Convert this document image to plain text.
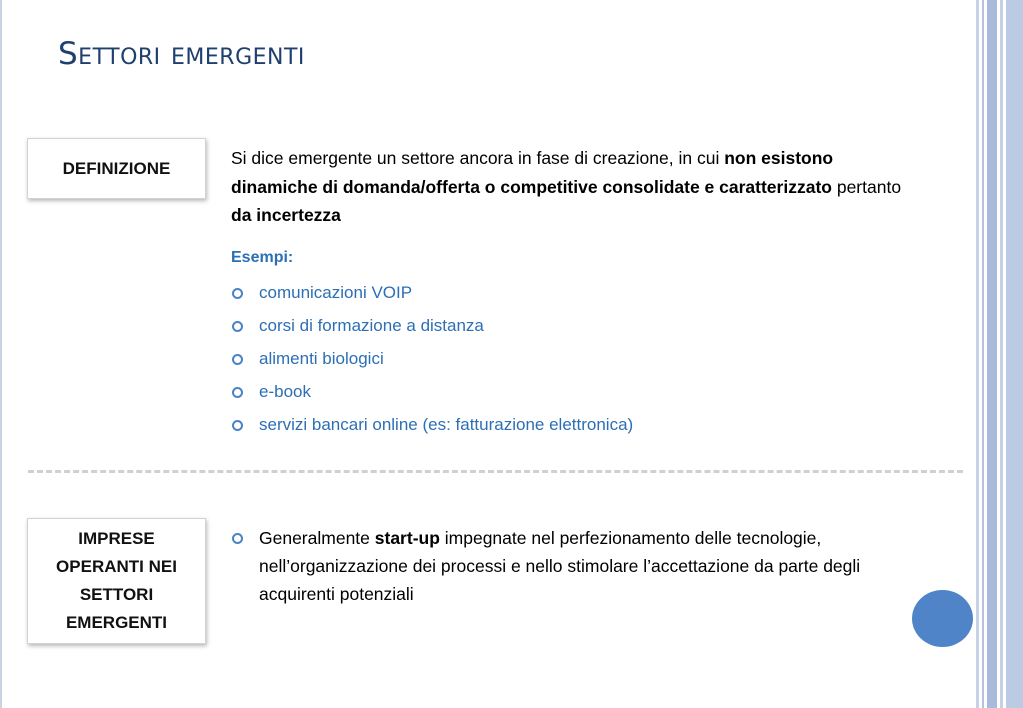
Settori emergenti
DEFINIZIONE	Si dice emergente un settore ancora in fase di creazione, in cui non esistono dinamiche di domanda/offerta o competitive consolidate e caratterizzato pertanto da incertezza

Esempi:

comunicazioni VOIP
corsi di formazione a distanza
alimenti biologici
e-book
servizi bancari online (es: fatturazione elettronica)
IMPRESE
OPERANTI NEI
SETTORI
EMERGENTI

Generalmente start-up impegnate nel perfezionamento delle tecnologie, nell’organizzazione dei processi e nello stimolare l’accettazione da parte degli acquirenti potenziali
